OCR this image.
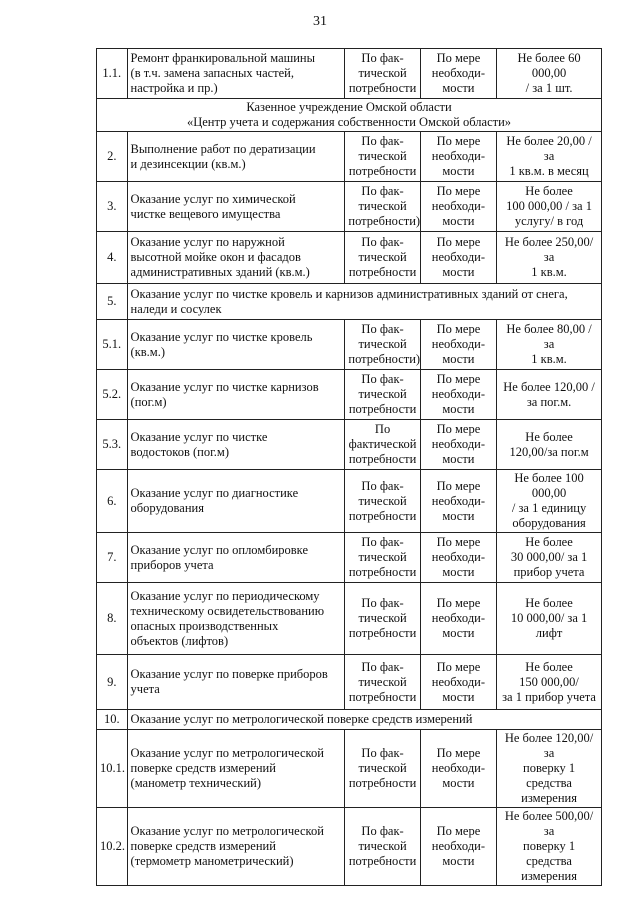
31
1.1.	Ремонт франкировальной машины
(в т.ч. замена запасных частей,
настройка и пр.)	По фак-
тической
потребности	По мере
необходи-
мости	Не более 60 000,00
/ за 1 шт.

Казенное учреждение Омской области
«Центр учета и содержания собственности Омской области»				

2.	Выполнение работ по дератизации
и дезинсекции (кв.м.)	По фак-
тической
потребности	По мере
необходи-
мости	Не более 20,00 / за
1 кв.м. в месяц

3.	Оказание услуг по химической
чистке вещевого имущества	По фак-
тической
потребности)	По мере
необходи-
мости	Не более
100 000,00 / за 1
услугу/ в год

4.	Оказание услуг по наружной
высотной мойке окон и фасадов
административных зданий (кв.м.)	По фак-
тической
потребности	По мере
необходи-
мости	Не более 250,00/ за
1 кв.м.

5.	Оказание услуг по чистке кровель и карнизов административных зданий от снега,
наледи и сосулек			

5.1.	Оказание услуг по чистке кровель
(кв.м.)	По фак-
тической
потребности)	По мере
необходи-
мости	Не более 80,00 / за
1 кв.м.

5.2.	Оказание услуг по чистке карнизов
(пог.м)	По фак-
тической
потребности	По мере
необходи-
мости	Не более 120,00 /
за пог.м.

5.3.	Оказание услуг по чистке
водостоков (пог.м)	По
фактической
потребности	По мере
необходи-
мости	Не более
120,00/за пог.м

6.	Оказание услуг по диагностике
оборудования	По фак-
тической
потребности	По мере
необходи-
мости	Не более 100 000,00
/ за 1 единицу
оборудования

7.	Оказание услуг по опломбировке
приборов учета	По фак-
тической
потребности	По мере
необходи-
мости	Не более
30 000,00/ за 1
прибор учета

8.	Оказание услуг по периодическому
техническому освидетельствованию
опасных производственных
объектов (лифтов)	По фак-
тической
потребности	По мере
необходи-
мости	Не более
10 000,00/ за 1
лифт

9.	Оказание услуг по поверке приборов
учета	По фак-
тической
потребности	По мере
необходи-
мости	Не более
150 000,00/
за 1 прибор учета

10.	Оказание услуг по метрологической поверке средств измерений			

10.1.	Оказание услуг по метрологической
поверке средств измерений
(манометр технический)	По фак-
тической
потребности	По мере
необходи-
мости	Не более 120,00/ за
поверку 1 средства
измерения

10.2.	Оказание услуг по метрологической
поверке средств измерений
(термометр манометрический)	По фак-
тической
потребности	По мере
необходи-
мости	Не более 500,00/ за
поверку 1 средства
измерения
